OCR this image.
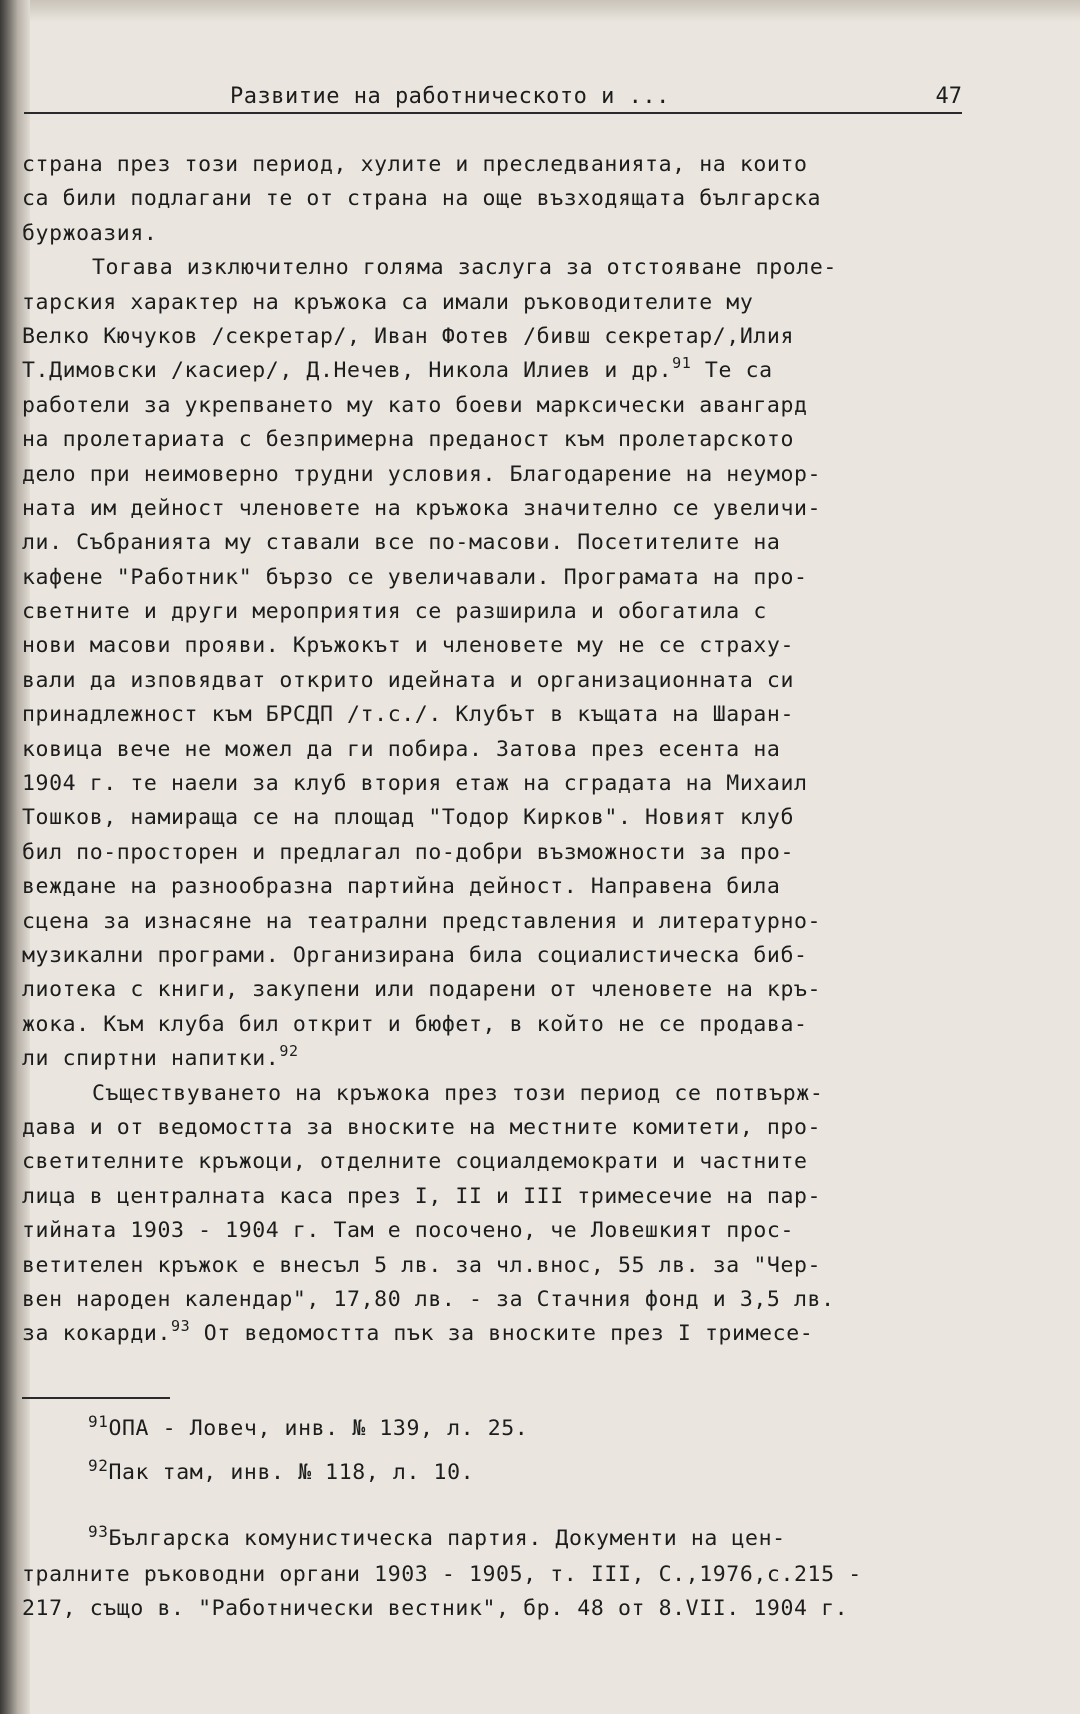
Развитие на работническото и ...	47
страна през този период, хулите и преследванията, на които
са били подлагани те от страна на още възходящата българска
буржоазия.
Тогава изключително голяма заслуга за отстояване проле-
тарския характер на кръжока са имали ръководителите му
Велко Кючуков /секретар/, Иван Фотев /бивш секретар/,Илия
Т.Димовски /касиер/, Д.Нечев, Никола Илиев и др.$^{91}$ Те са
работели за укрепването му като боеви марксически авангард
на пролетариата с безпримерна преданост към пролетарското
дело при неимоверно трудни условия. Благодарение на неумор-
ната им дейност членовете на кръжока значително се увеличи-
ли. Събранията му ставали все по-масови. Посетителите на
кафене "Работник" бързо се увеличавали. Програмата на про-
светните и други мероприятия се разширила и обогатила с
нови масови прояви. Кръжокът и членовете му не се страху-
вали да изповядват открито идейната и организационната си
принадлежност към БРСДП /т.с./. Клубът в къщата на Шаран-
ковица вече не можел да ги побира. Затова през есента на
1904 г. те наели за клуб втория етаж на сградата на Михаил
Тошков, намираща се на площад "Тодор Кирков". Новият клуб
бил по-просторен и предлагал по-добри възможности за про-
веждане на разнообразна партийна дейност. Направена била
сцена за изнасяне на театрални представления и литературно-
музикални програми. Организирана била социалистическа биб-
лиотека с книги, закупени или подарени от членовете на кръ-
жока. Към клуба бил открит и бюфет, в който не се продава-
ли спиртни напитки.$^{92}$
Съществуването на кръжока през този период се потвърж-
дава и от ведомостта за вноските на местните комитети, про-
светителните кръжоци, отделните социалдемократи и частните
лица в централната каса през I, II и III тримесечие на пар-
тийната 1903 - 1904 г. Там е посочено, че Ловешкият прос-
ветителен кръжок е внесъл 5 лв. за чл.внос, 55 лв. за "Чер-
вен народен календар", 17,80 лв. - за Стачния фонд и 3,5 лв.
за кокарди.$^{93}$ От ведомостта пък за вноските през I тримесе-
$^{91}$ОПА - Ловеч, инв. № 139, л. 25.
$^{92}$Пак там, инв. № 118, л. 10.
$^{93}$Българска комунистическа партия. Документи на цен-
тралните ръководни органи 1903 - 1905, т. III, С.,1976,с.215 -
217, също в. "Работнически вестник", бр. 48 от 8.VII. 1904 г.
